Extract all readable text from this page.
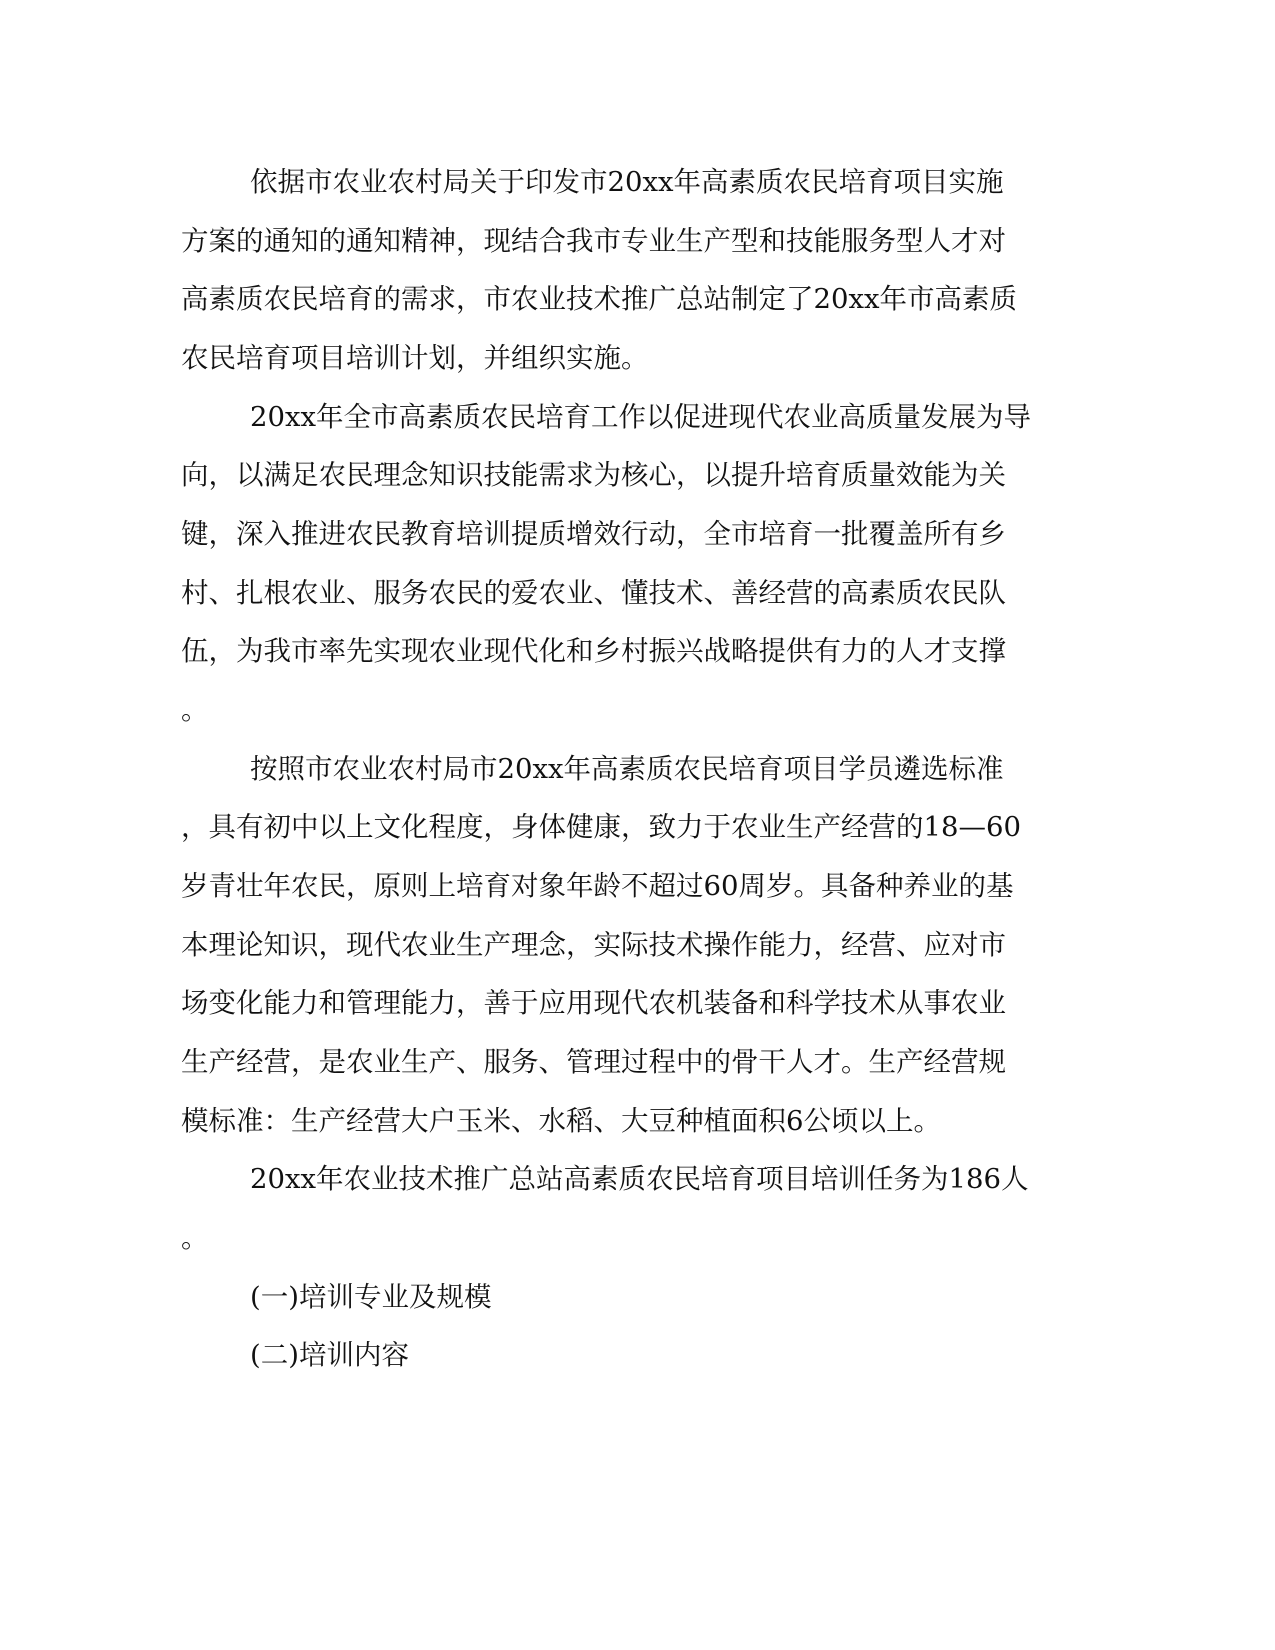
依据市农业农村局关于印发市20xx年高素质农民培育项目实施
方案的通知的通知精神，现结合我市专业生产型和技能服务型人才对
高素质农民培育的需求，市农业技术推广总站制定了20xx年市高素质
农民培育项目培训计划，并组织实施。
20xx年全市高素质农民培育工作以促进现代农业高质量发展为导
向，以满足农民理念知识技能需求为核心，以提升培育质量效能为关
键，深入推进农民教育培训提质增效行动，全市培育一批覆盖所有乡
村、扎根农业、服务农民的爱农业、懂技术、善经营的高素质农民队
伍，为我市率先实现农业现代化和乡村振兴战略提供有力的人才支撑
。
按照市农业农村局市20xx年高素质农民培育项目学员遴选标准
，具有初中以上文化程度，身体健康，致力于农业生产经营的18—60
岁青壮年农民，原则上培育对象年龄不超过60周岁。具备种养业的基
本理论知识，现代农业生产理念，实际技术操作能力，经营、应对市
场变化能力和管理能力，善于应用现代农机装备和科学技术从事农业
生产经营，是农业生产、服务、管理过程中的骨干人才。生产经营规
模标准：生产经营大户玉米、水稻、大豆种植面积6公顷以上。
20xx年农业技术推广总站高素质农民培育项目培训任务为186人
。
(一)培训专业及规模
(二)培训内容
